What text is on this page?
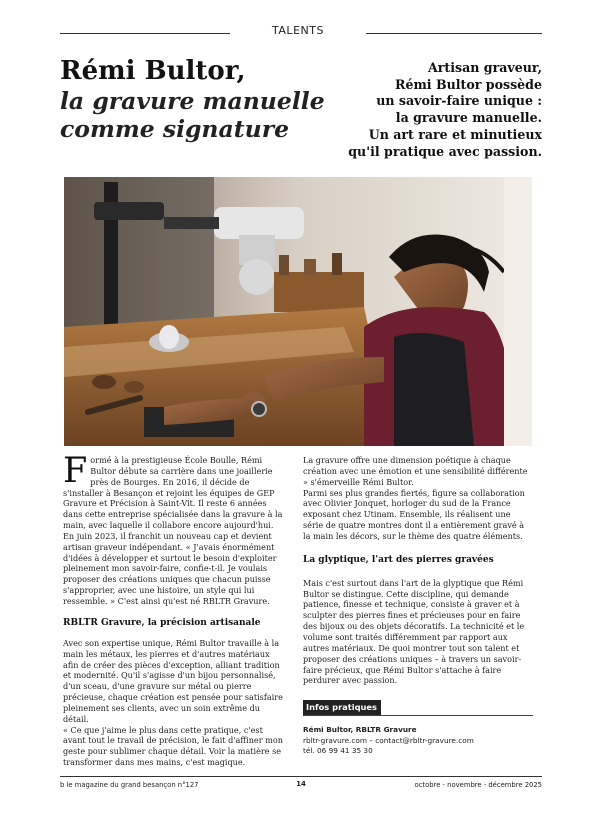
TALENTS
Rémi Bultor,
la gravure manuelle
comme signature
Artisan graveur,
Rémi Bultor possède
un savoir-faire unique :
la gravure manuelle.
Un art rare et minutieux
qu'il pratique avec passion.

Formé à la prestigieuse École Boulle, Rémi Bultor débute sa carrière dans une joaillerie près de Bourges. En 2016, il décide de s'installer à Besançon et rejoint les équipes de GEP Gravure et Précision à Saint-Vit. Il reste 6 années dans cette entreprise spécialisée dans la gravure à la main, avec laquelle il collabore encore aujourd'hui.

En juin 2023, il franchit un nouveau cap et devient artisan graveur indépendant. « J'avais énormément d'idées à développer et surtout le besoin d'exploiter pleinement mon savoir-faire, confie-t-il. Je voulais proposer des créations uniques que chacun puisse s'approprier, avec une histoire, un style qui lui ressemble. » C'est ainsi qu'est né RBLTR Gravure.

RBLTR Gravure, la précision artisanale

Avec son expertise unique, Rémi Bultor travaille à la main les métaux, les pierres et d'autres matériaux afin de créer des pièces d'exception, alliant tradition et modernité. Qu'il s'agisse d'un bijou personnalisé, d'un sceau, d'une gravure sur métal ou pierre précieuse, chaque création est pensée pour satisfaire pleinement ses clients, avec un soin extrême du détail.

« Ce que j'aime le plus dans cette pratique, c'est avant tout le travail de précision, le fait d'affiner mon geste pour sublimer chaque détail. Voir la matière se transformer dans mes mains, c'est magique.

La gravure offre une dimension poétique à chaque création avec une émotion et une sensibilité différente » s'émerveille Rémi Bultor.

Parmi ses plus grandes fiertés, figure sa collaboration avec Olivier Jonquet, horloger du sud de la France exposant chez Utinam. Ensemble, ils réalisent une série de quatre montres dont il a entièrement gravé à la main les décors, sur le thème des quatre éléments.

La glyptique, l'art des pierres gravées

Mais c'est surtout dans l'art de la glyptique que Rémi Bultor se distingue. Cette discipline, qui demande patience, finesse et technique, consiste à graver et à sculpter des pierres fines et précieuses pour en faire des bijoux ou des objets décoratifs. La technicité et le volume sont traités différemment par rapport aux autres matériaux. De quoi montrer tout son talent et proposer des créations uniques – à travers un savoir-faire précieux, que Rémi Bultor s'attache à faire perdurer avec passion.

Infos pratiques
Rémi Bultor, RBLTR Gravure
rbltr-gravure.com – contact@rbltr-gravure.com
tél. 06 99 41 35 30
14
b le magazine du grand besançon n°127	octobre - novembre - décembre 2025
